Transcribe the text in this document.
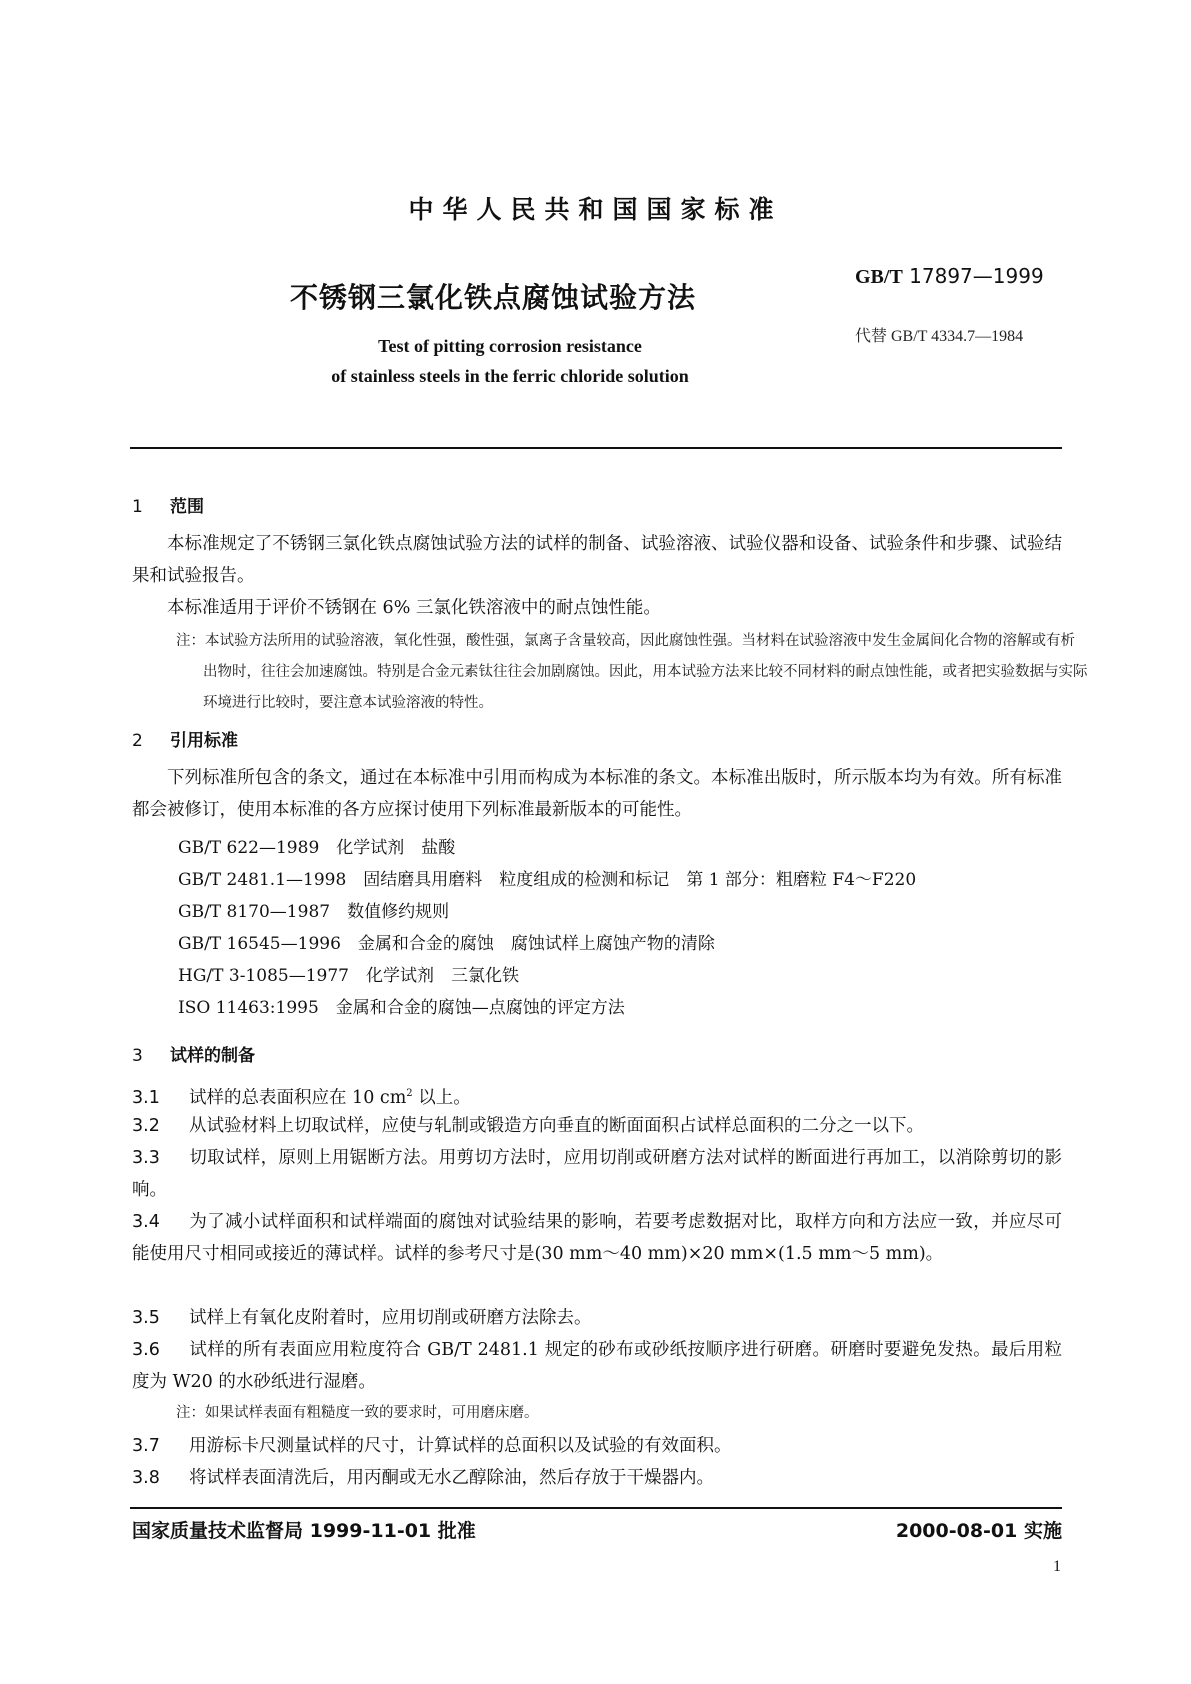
中华人民共和国国家标准
不锈钢三氯化铁点腐蚀试验方法
GB/T 17897—1999
代替 GB/T 4334.7—1984
Test of pitting corrosion resistance
of stainless steels in the ferric chloride solution
1 范围
本标准规定了不锈钢三氯化铁点腐蚀试验方法的试样的制备、试验溶液、试验仪器和设备、试验条件和步骤、试验结果和试验报告。
本标准适用于评价不锈钢在 6% 三氯化铁溶液中的耐点蚀性能。
注：本试验方法所用的试验溶液，氧化性强，酸性强，氯离子含量较高，因此腐蚀性强。当材料在试验溶液中发生金属间化合物的溶解或有析出物时，往往会加速腐蚀。特别是合金元素钛往往会加剧腐蚀。因此，用本试验方法来比较不同材料的耐点蚀性能，或者把实验数据与实际环境进行比较时，要注意本试验溶液的特性。
2 引用标准
下列标准所包含的条文，通过在本标准中引用而构成为本标准的条文。本标准出版时，所示版本均为有效。所有标准都会被修订，使用本标准的各方应探讨使用下列标准最新版本的可能性。
GB/T 622—1989　化学试剂　盐酸
GB/T 2481.1—1998　固结磨具用磨料　粒度组成的检测和标记　第 1 部分：粗磨粒 F4～F220
GB/T 8170—1987　数值修约规则
GB/T 16545—1996　金属和合金的腐蚀　腐蚀试样上腐蚀产物的清除
HG/T 3-1085—1977　化学试剂　三氯化铁
ISO 11463:1995　金属和合金的腐蚀—点腐蚀的评定方法
3 试样的制备
3.1 试样的总表面积应在 10 $cm^2$ 以上。
3.2 从试验材料上切取试样，应使与轧制或锻造方向垂直的断面面积占试样总面积的二分之一以下。
3.3 切取试样，原则上用锯断方法。用剪切方法时，应用切削或研磨方法对试样的断面进行再加工，以消除剪切的影响。
3.4 为了减小试样面积和试样端面的腐蚀对试验结果的影响，若要考虑数据对比，取样方向和方法应一致，并应尽可能使用尺寸相同或接近的薄试样。试样的参考尺寸是(30 mm～40 mm)×20 mm×(1.5 mm～5 mm)。
3.5 试样上有氧化皮附着时，应用切削或研磨方法除去。
3.6 试样的所有表面应用粒度符合 GB/T 2481.1 规定的砂布或砂纸按顺序进行研磨。研磨时要避免发热。最后用粒度为 W20 的水砂纸进行湿磨。
注：如果试样表面有粗糙度一致的要求时，可用磨床磨。
3.7 用游标卡尺测量试样的尺寸，计算试样的总面积以及试验的有效面积。
3.8 将试样表面清洗后，用丙酮或无水乙醇除油，然后存放于干燥器内。
国家质量技术监督局 1999-11-01 批准	2000-08-01 实施
1
